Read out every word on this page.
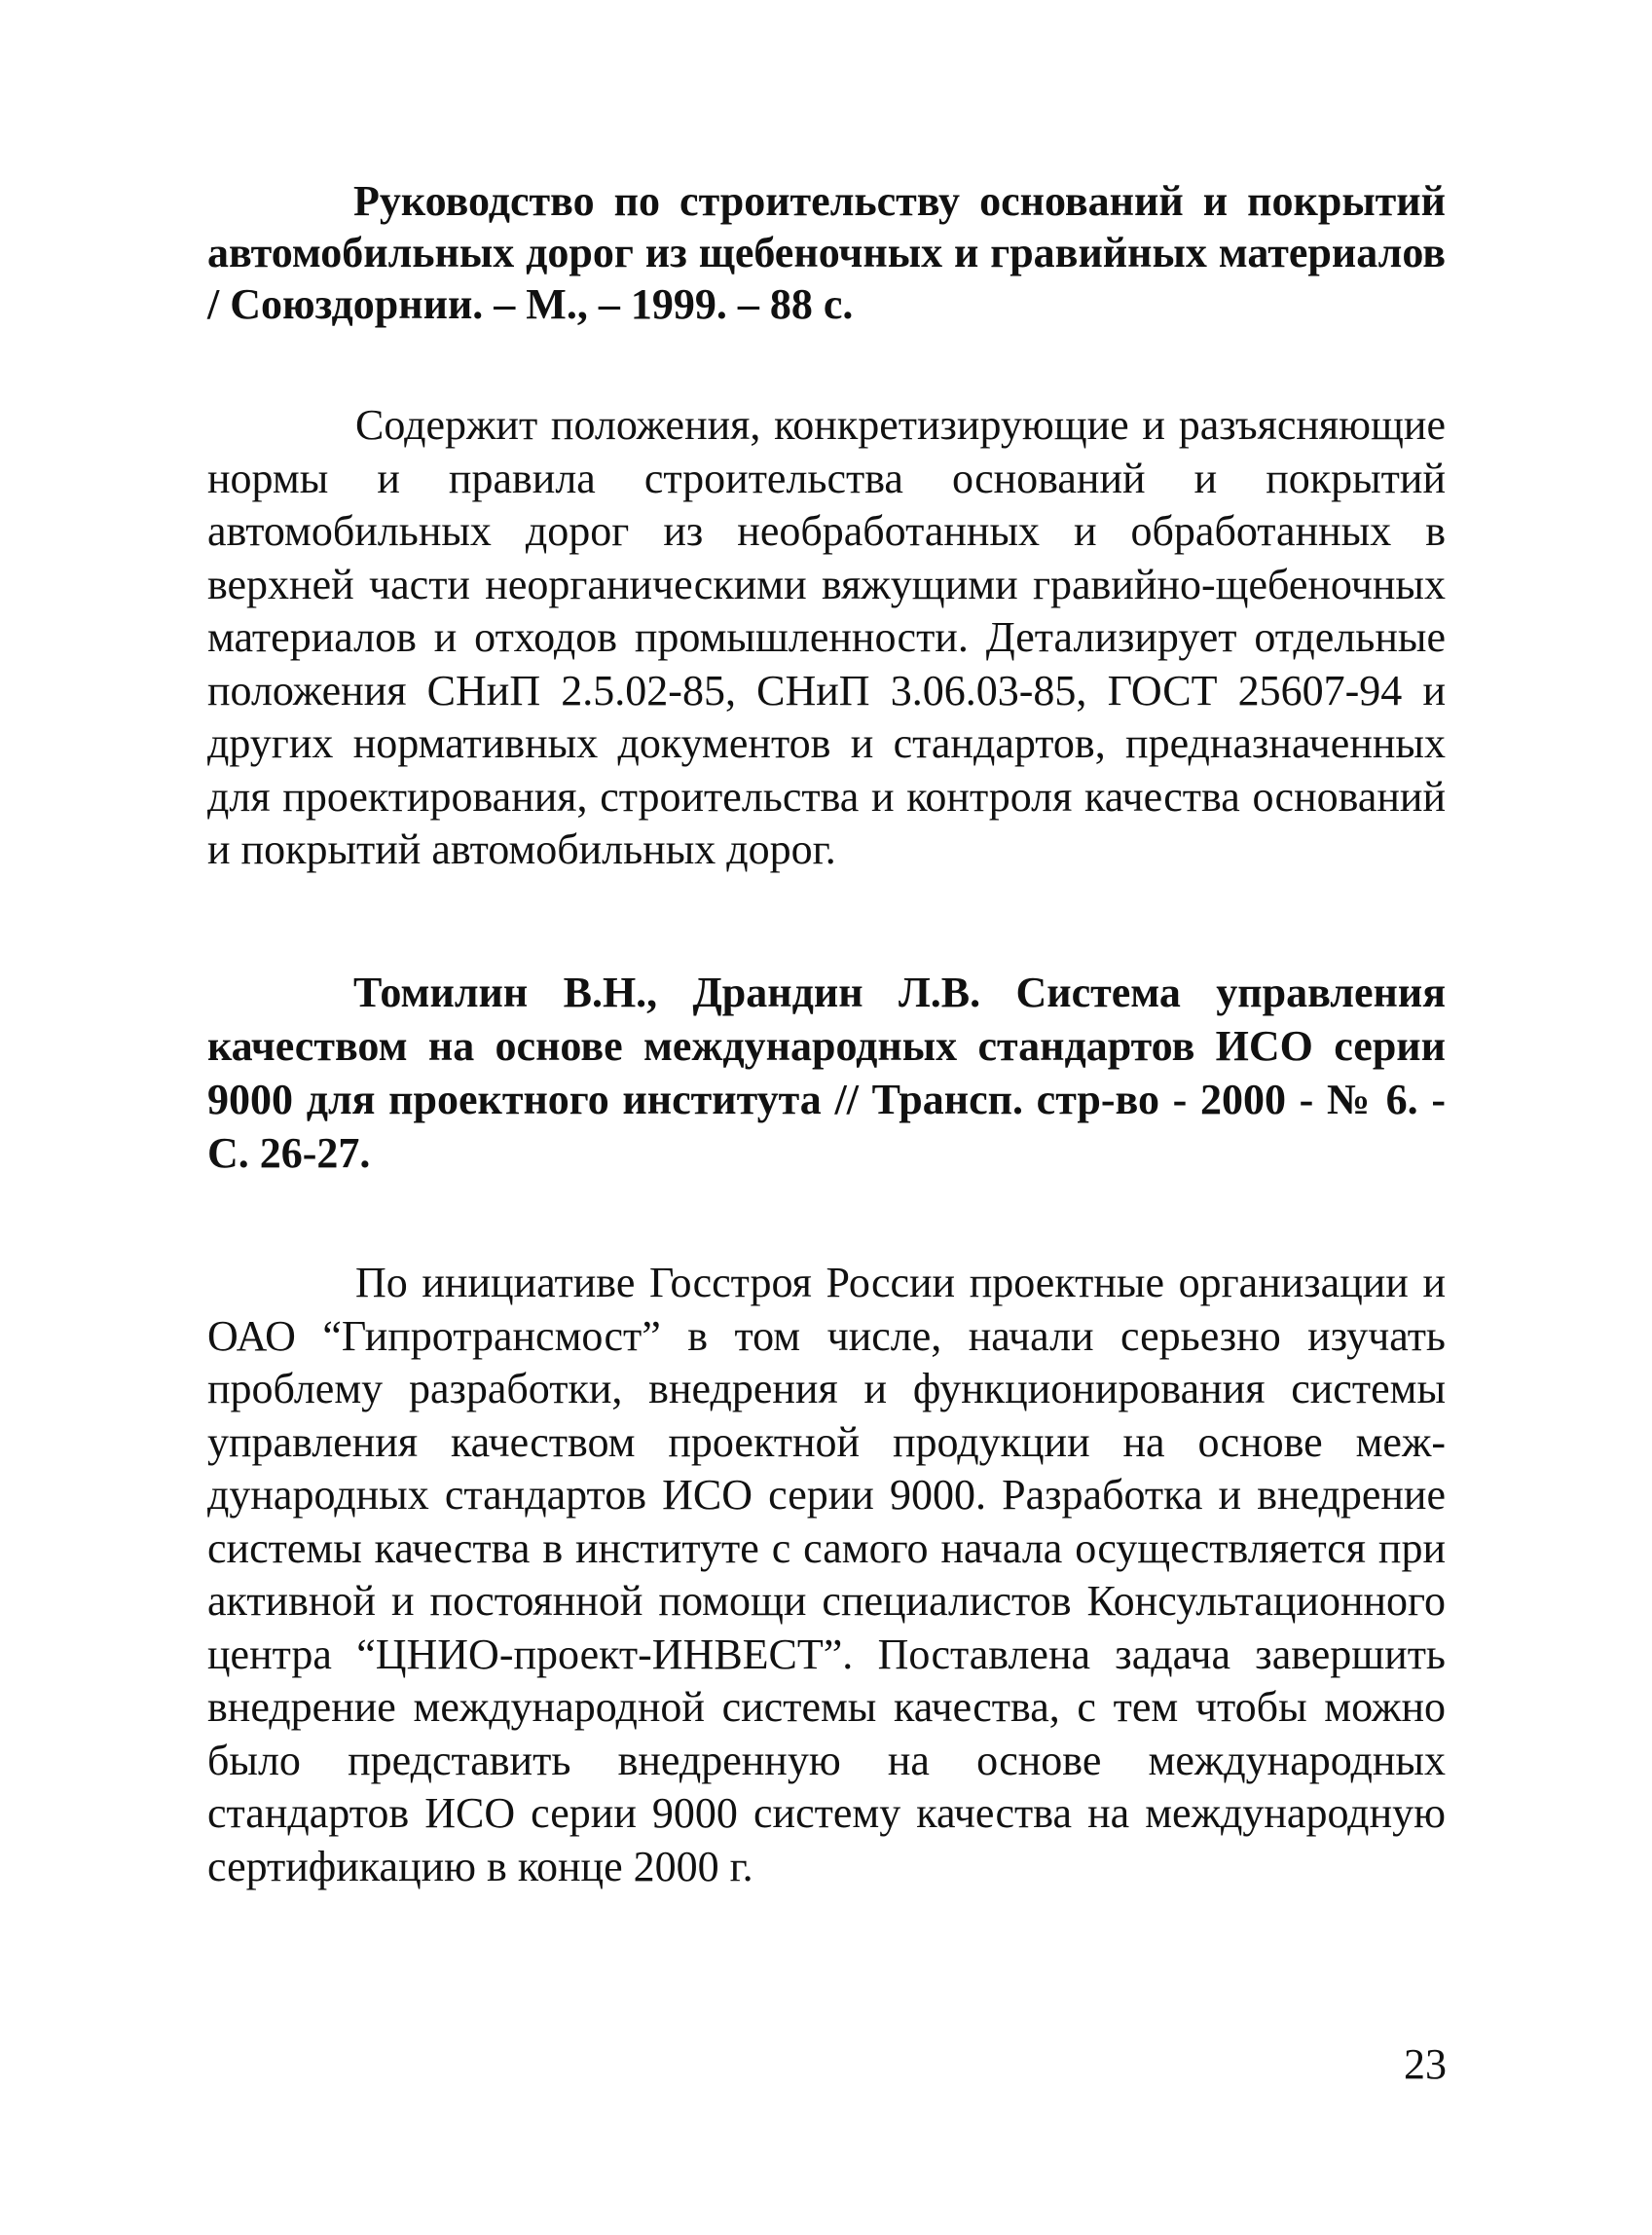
Руководство по строительству оснований и покрытий автомобильных дорог из щебеночных и гравийных материалов / Союздорнии. – М., – 1999. – 88 с.

Содержит положения, конкретизирующие и разъясняющие нормы и правила строительства оснований и покрытий автомобильных дорог из необработанных и обработанных в верхней части неорганическими вяжущими гравийно-щебеночных материалов и отходов промышленности. Детализирует отдельные положения СНиП 2.5.02-85, СНиП 3.06.03-85, ГОСТ 25607-94 и других нормативных документов и стандартов, предназначенных для проектирования, строительства и контроля качества оснований и покрытий автомобильных дорог.

Томилин В.Н., Драндин Л.В. Система управления качеством на основе международных стандартов ИСО серии 9000 для проектного института // Трансп. стр-во - 2000 - № 6. - С. 26-27.

По инициативе Госстроя России проектные организации и ОАО “Гипротрансмост” в том числе, начали серьезно изучать проблему разработки, внедрения и функционирования системы управления качеством проектной продукции на основе международных стандартов ИСО серии 9000. Разработка и внедрение системы качества в институте с самого начала осуществляется при активной и постоянной помощи специалистов Консультационного центра “ЦНИО-проект-ИНВЕСТ”. Поставлена задача завершить внедрение международной системы качества, с тем чтобы можно было представить внедренную на основе международных стандартов ИСО серии 9000 систему качества на международную сертификацию в конце 2000 г.

23
